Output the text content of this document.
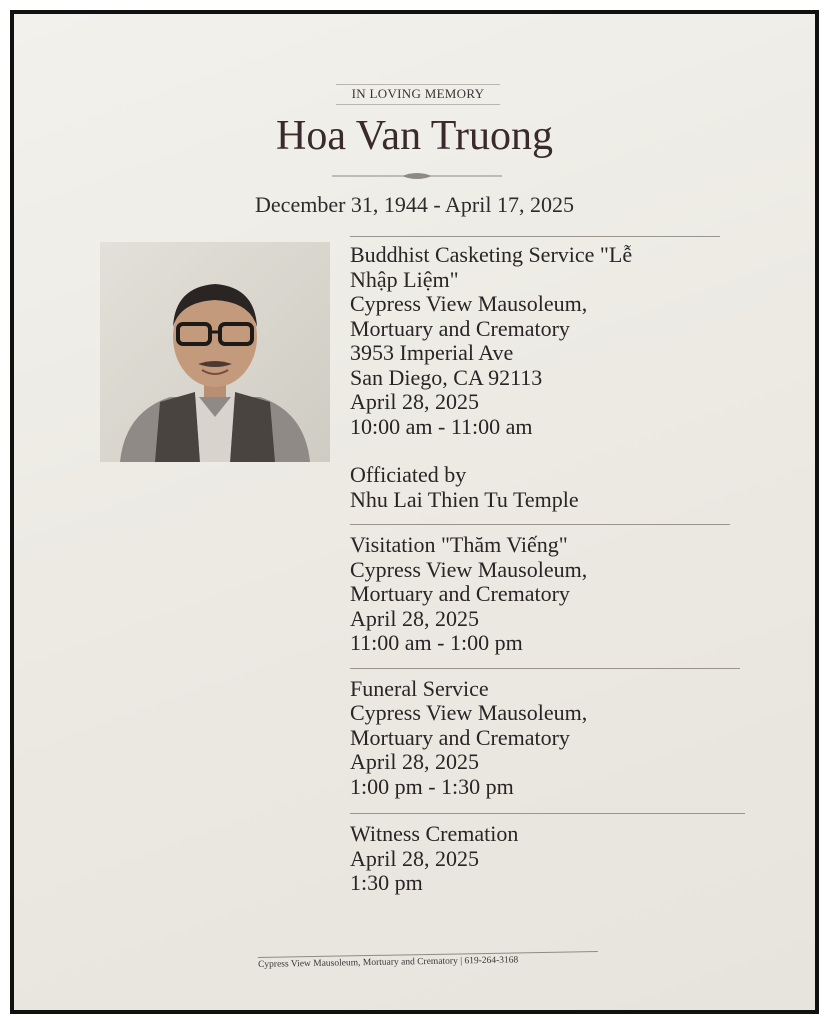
IN LOVING MEMORY
Hoa Van Truong
December 31, 1944 - April 17, 2025
Buddhist Casketing Service "Lễ
Nhập Liệm"
Cypress View Mausoleum,
Mortuary and Crematory
3953 Imperial Ave
San Diego, CA 92113
April 28, 2025
10:00 am - 11:00 am
Officiated by
Nhu Lai Thien Tu Temple
Visitation "Thăm Viếng"
Cypress View Mausoleum,
Mortuary and Crematory
April 28, 2025
11:00 am - 1:00 pm
Funeral Service
Cypress View Mausoleum,
Mortuary and Crematory
April 28, 2025
1:00 pm - 1:30 pm
Witness Cremation
April 28, 2025
1:30 pm
Cypress View Mausoleum, Mortuary and Crematory | 619-264-3168
